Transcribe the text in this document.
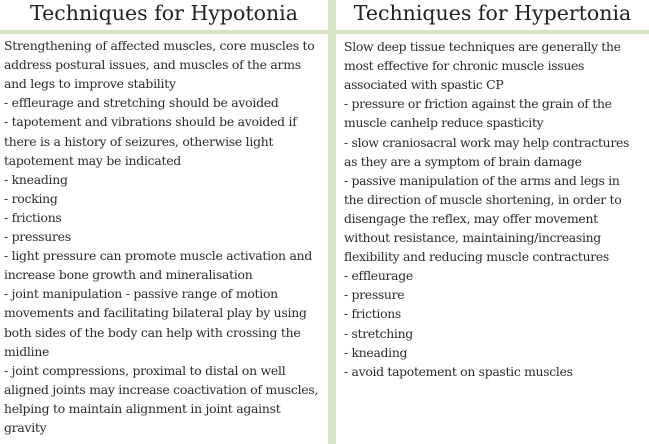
Techniques for Hypotonia	Techniques for Hypertonia
Strengthening of affected muscles, core muscles to
address postural issues, and muscles of the arms
and legs to improve stability
- effleurage and stretching should be avoided
- tapotement and vibrations should be avoided if
there is a history of seizures, otherwise light
tapotement may be indicated
- kneading
- rocking
- frictions
- pressures
- light pressure can promote muscle activation and
increase bone growth and mineralisation
- joint manipulation - passive range of motion
movements and facilitating bilateral play by using
both sides of the body can help with crossing the
midline
- joint compressions, proximal to distal on well
aligned joints may increase coactivation of muscles,
helping to maintain alignment in joint against
gravity
Slow deep tissue techniques are generally the
most effective for chronic muscle issues
associated with spastic CP
- pressure or friction against the grain of the
muscle canhelp reduce spasticity
- slow craniosacral work may help contractures
as they are a symptom of brain damage
- passive manipulation of the arms and legs in
the direction of muscle shortening, in order to
disengage the reflex, may offer movement
without resistance, maintaining/increasing
flexibility and reducing muscle contractures
- effleurage
- pressure
- frictions
- stretching
- kneading
- avoid tapotement on spastic muscles
